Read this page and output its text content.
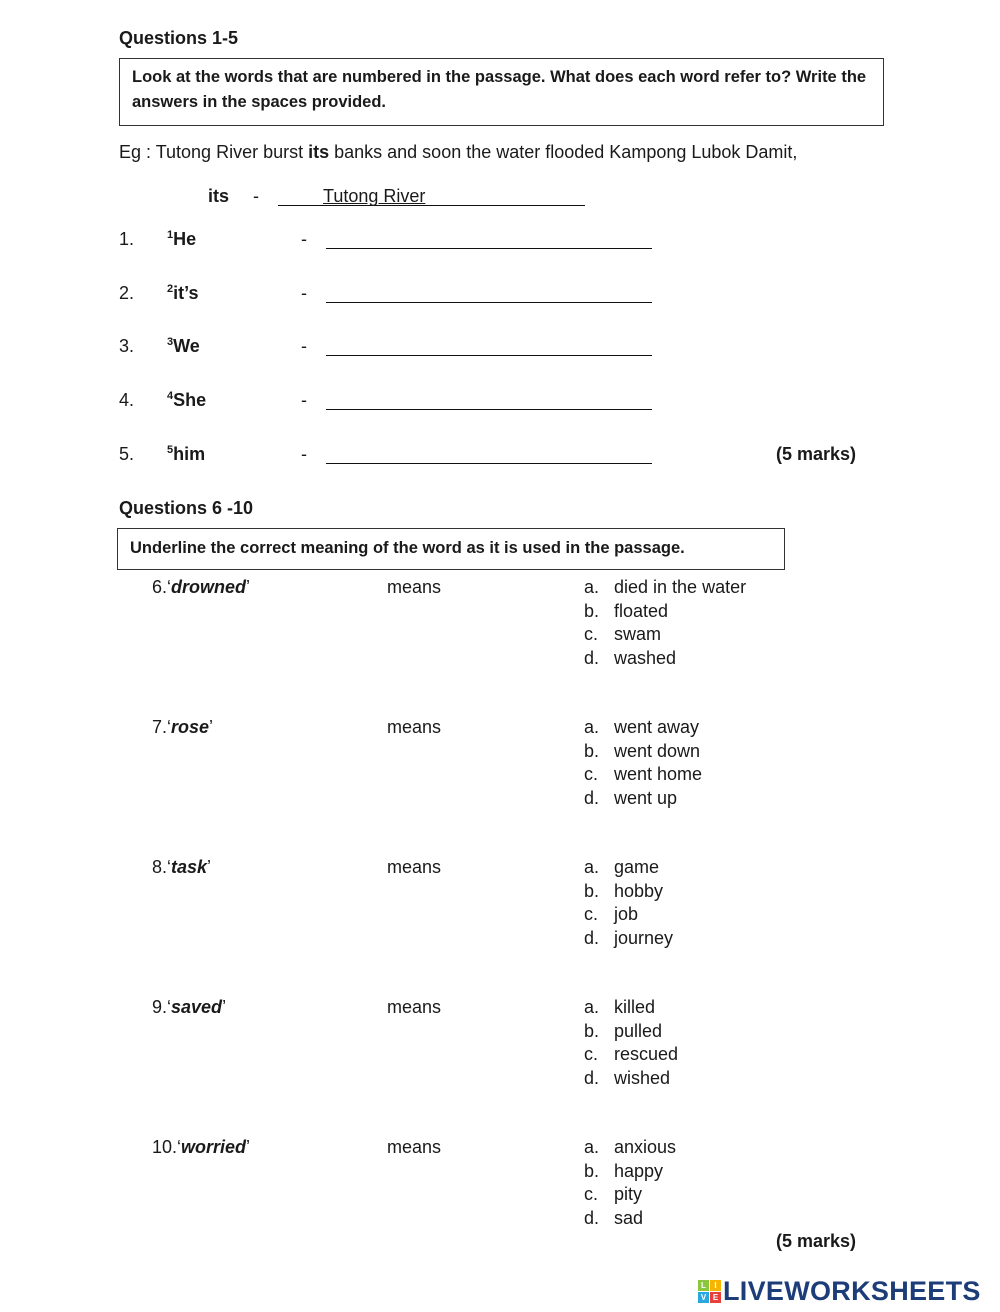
Questions 1-5
Look at the words that are numbered in the passage. What does each word refer to? Write the answers in the spaces provided.
Eg : Tutong River burst its banks and soon the water flooded Kampong Lubok Damit,
its -	Tutong River
1.	$^1$He	-
2.	$^2$it’s	-
3.	$^3$We	-
4.	$^4$She	-
5.	$^5$him	-	(5 marks)
Questions 6 -10
Underline the correct meaning of the word as it is used in the passage.
6.‘drowned’	means	a. died in the water
b. floated
c. swam
d. washed
7.‘rose’	means	a. went away
b. went down
c. went home
d. went up
8.‘task’	means	a. game
b. hobby
c. job
d. journey
9.‘saved’	means	a. killed
b. pulled
c. rescued
d. wished
10.‘worried’	means	a. anxious
b. happy
c. pity
d. sad
(5 marks)
L	I
V E LIVEWORKSHEETS
